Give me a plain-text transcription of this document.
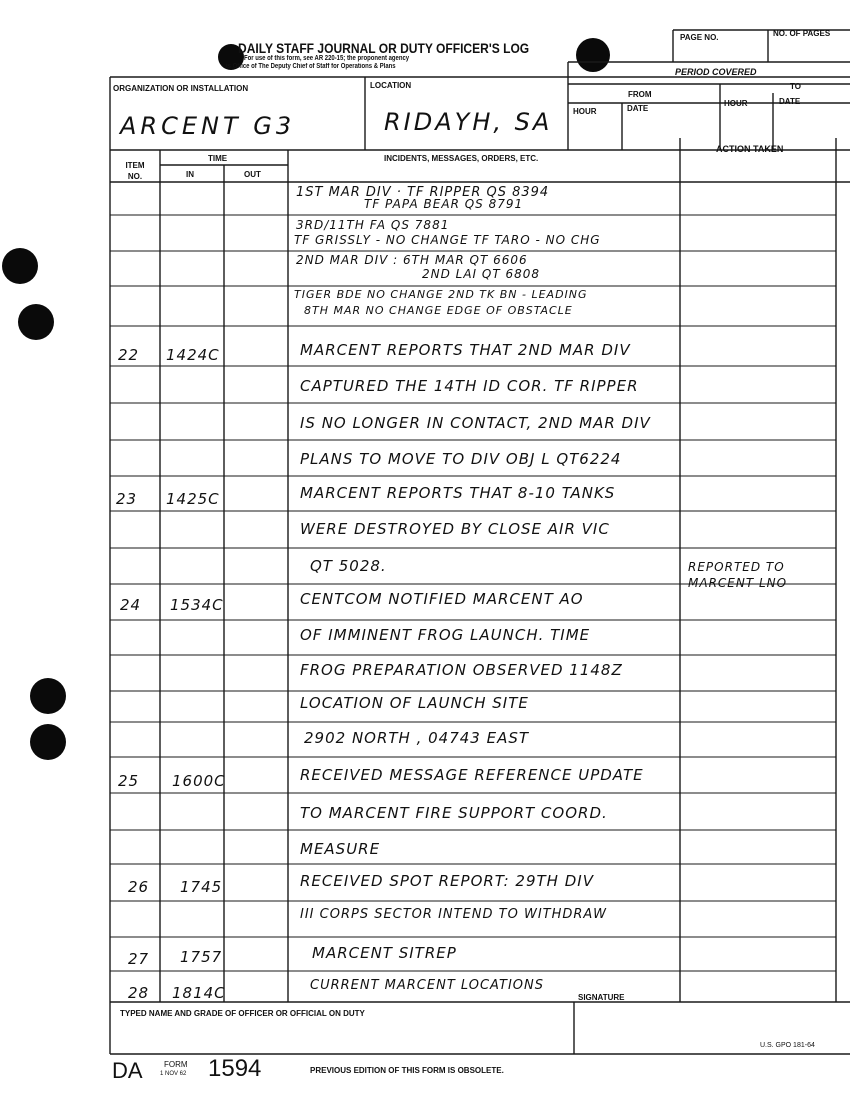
DAILY STAFF JOURNAL OR DUTY OFFICER'S LOG
For use of this form, see AR 220-15; the proponent agency
is Office of The Deputy Chief of Staff for Operations & Plans
PAGE NO.	NO. OF PAGES
PERIOD COVERED
FROM
TO
HOUR	DATE
HOUR	DATE
ORGANIZATION OR INSTALLATION	LOCATION
ARCENT G3	RIDAYH, SA
ITEM NO.
TIME
IN	OUT
INCIDENTS, MESSAGES, ORDERS, ETC.
ACTION TAKEN
1ST MAR DIV · TF RIPPER QS 8394
TF PAPA BEAR QS 8791
3RD/11TH FA QS 7881
TF GRISSLY - NO CHANGE TF TARO - NO CHG
2ND MAR DIV : 6TH MAR QT 6606
2ND LAI QT 6808
TIGER BDE NO CHANGE 2ND TK BN - LEADING
8TH MAR NO CHANGE EDGE OF OBSTACLE
22 1424C	MARCENT REPORTS THAT 2ND MAR DIV
CAPTURED THE 14TH ID COR. TF RIPPER
IS NO LONGER IN CONTACT, 2ND MAR DIV
PLANS TO MOVE TO DIV OBJ L QT6224
23 1425C	MARCENT REPORTS THAT 8-10 TANKS
WERE DESTROYED BY CLOSE AIR VIC
QT 5028.	REPORTED TO
MARCENT LNO
24 1534C	CENTCOM NOTIFIED MARCENT AO
OF IMMINENT FROG LAUNCH. TIME
FROG PREPARATION OBSERVED 1148Z
LOCATION OF LAUNCH SITE
2902 NORTH , 04743 EAST
25 1600C	RECEIVED MESSAGE REFERENCE UPDATE
TO MARCENT FIRE SUPPORT COORD.
MEASURE
26 1745	RECEIVED SPOT REPORT: 29TH DIV
III CORPS SECTOR INTEND TO WITHDRAW
27 1757	MARCENT SITREP
28 1814C	CURRENT MARCENT LOCATIONS
TYPED NAME AND GRADE OF OFFICER OR OFFICIAL ON DUTY
SIGNATURE
DA	FORM
1 NOV 62 1594	PREVIOUS EDITION OF THIS FORM IS OBSOLETE.
U.S. GPO 181-64
